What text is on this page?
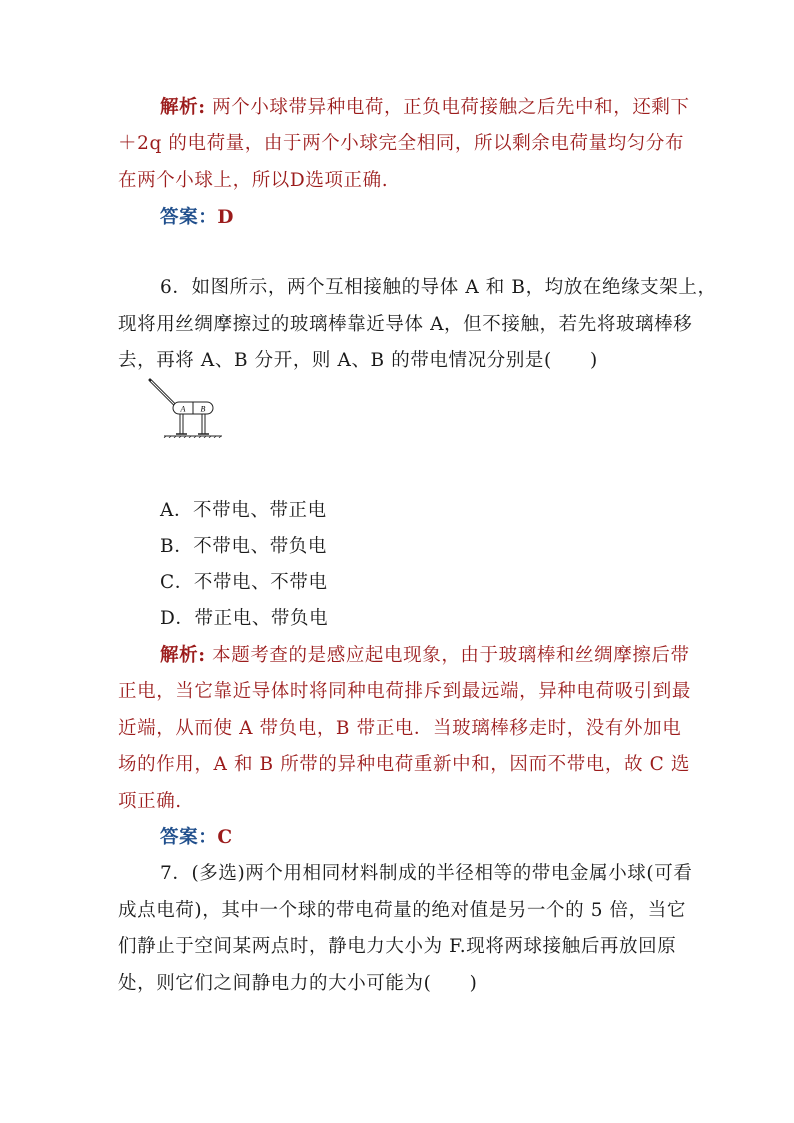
解析: 两个小球带异种电荷，正负电荷接触之后先中和，还剩下
＋2q 的电荷量，由于两个小球完全相同，所以剩余电荷量均匀分布
在两个小球上，所以D选项正确.
答案：D
6．如图所示，两个互相接触的导体 A 和 B，均放在绝缘支架上，
现将用丝绸摩擦过的玻璃棒靠近导体 A，但不接触，若先将玻璃棒移
去，再将 A、B 分开，则 A、B 的带电情况分别是(　　)
A B
A．不带电、带正电
B．不带电、带负电
C．不带电、不带电
D．带正电、带负电
解析: 本题考查的是感应起电现象，由于玻璃棒和丝绸摩擦后带
正电，当它靠近导体时将同种电荷排斥到最远端，异种电荷吸引到最
近端，从而使 A 带负电，B 带正电．当玻璃棒移走时，没有外加电
场的作用，A 和 B 所带的异种电荷重新中和，因而不带电，故 C 选
项正确.
答案：C
7．(多选)两个用相同材料制成的半径相等的带电金属小球(可看
成点电荷)，其中一个球的带电荷量的绝对值是另一个的 5 倍，当它
们静止于空间某两点时，静电力大小为 F.现将两球接触后再放回原
处，则它们之间静电力的大小可能为(　　)
